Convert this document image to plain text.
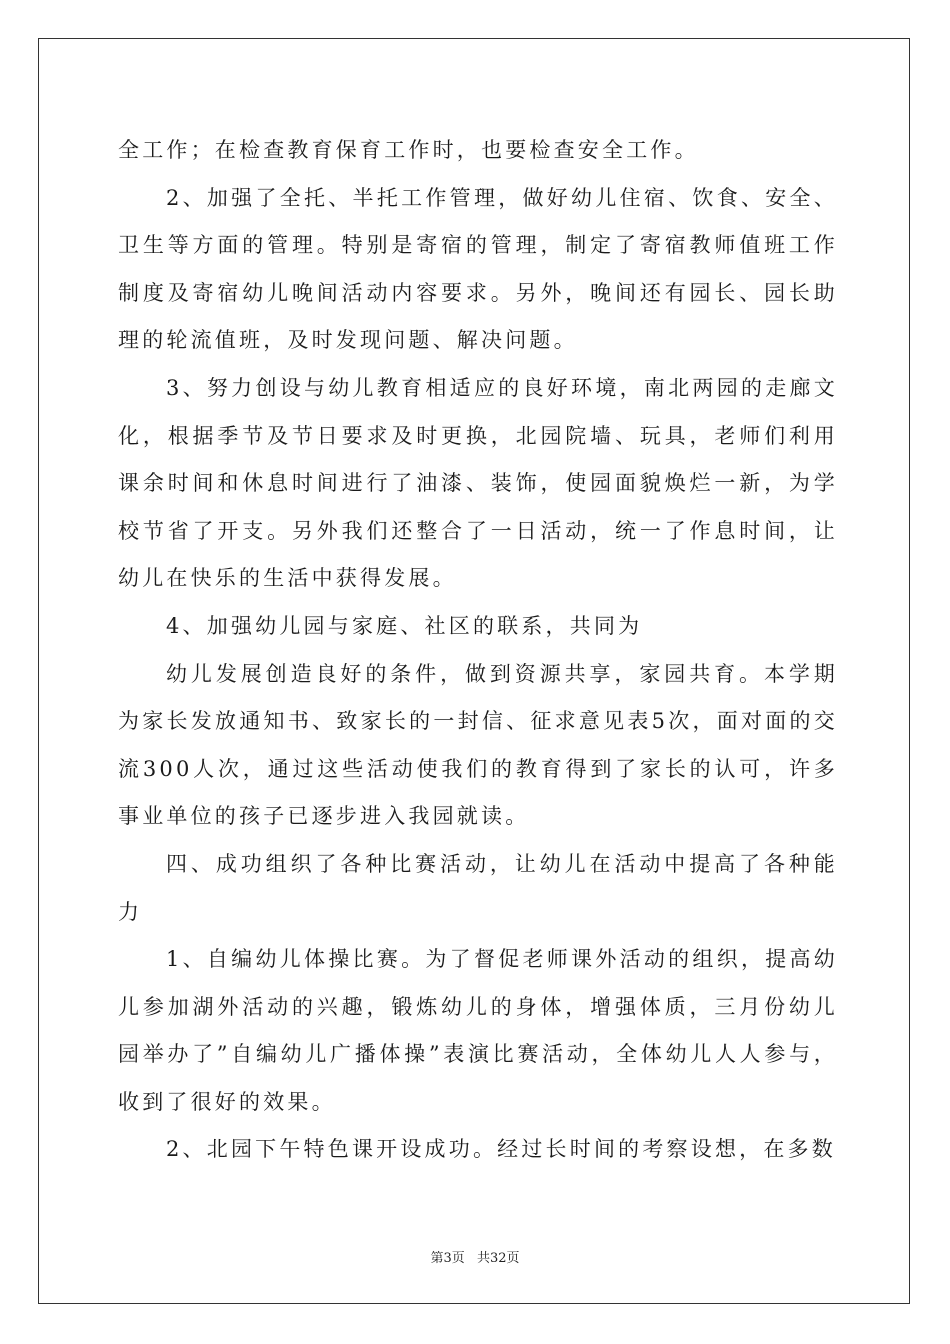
全工作；在检查教育保育工作时，也要检查安全工作。

2、加强了全托、半托工作管理，做好幼儿住宿、饮食、安全、卫生等方面的管理。特别是寄宿的管理，制定了寄宿教师值班工作制度及寄宿幼儿晚间活动内容要求。另外，晚间还有园长、园长助理的轮流值班，及时发现问题、解决问题。

3、努力创设与幼儿教育相适应的良好环境，南北两园的走廊文化，根据季节及节日要求及时更换，北园院墙、玩具，老师们利用课余时间和休息时间进行了油漆、装饰，使园面貌焕烂一新，为学校节省了开支。另外我们还整合了一日活动，统一了作息时间，让幼儿在快乐的生活中获得发展。

4、加强幼儿园与家庭、社区的联系，共同为

幼儿发展创造良好的条件，做到资源共享，家园共育。本学期为家长发放通知书、致家长的一封信、征求意见表5次，面对面的交流300人次，通过这些活动使我们的教育得到了家长的认可，许多事业单位的孩子已逐步进入我园就读。

四、成功组织了各种比赛活动，让幼儿在活动中提高了各种能力

1、自编幼儿体操比赛。为了督促老师课外活动的组织，提高幼儿参加湖外活动的兴趣，锻炼幼儿的身体，增强体质，三月份幼儿园举办了”自编幼儿广播体操”表演比赛活动，全体幼儿人人参与，收到了很好的效果。

2、北园下午特色课开设成功。经过长时间的考察设想，在多数

第3页 共32页
